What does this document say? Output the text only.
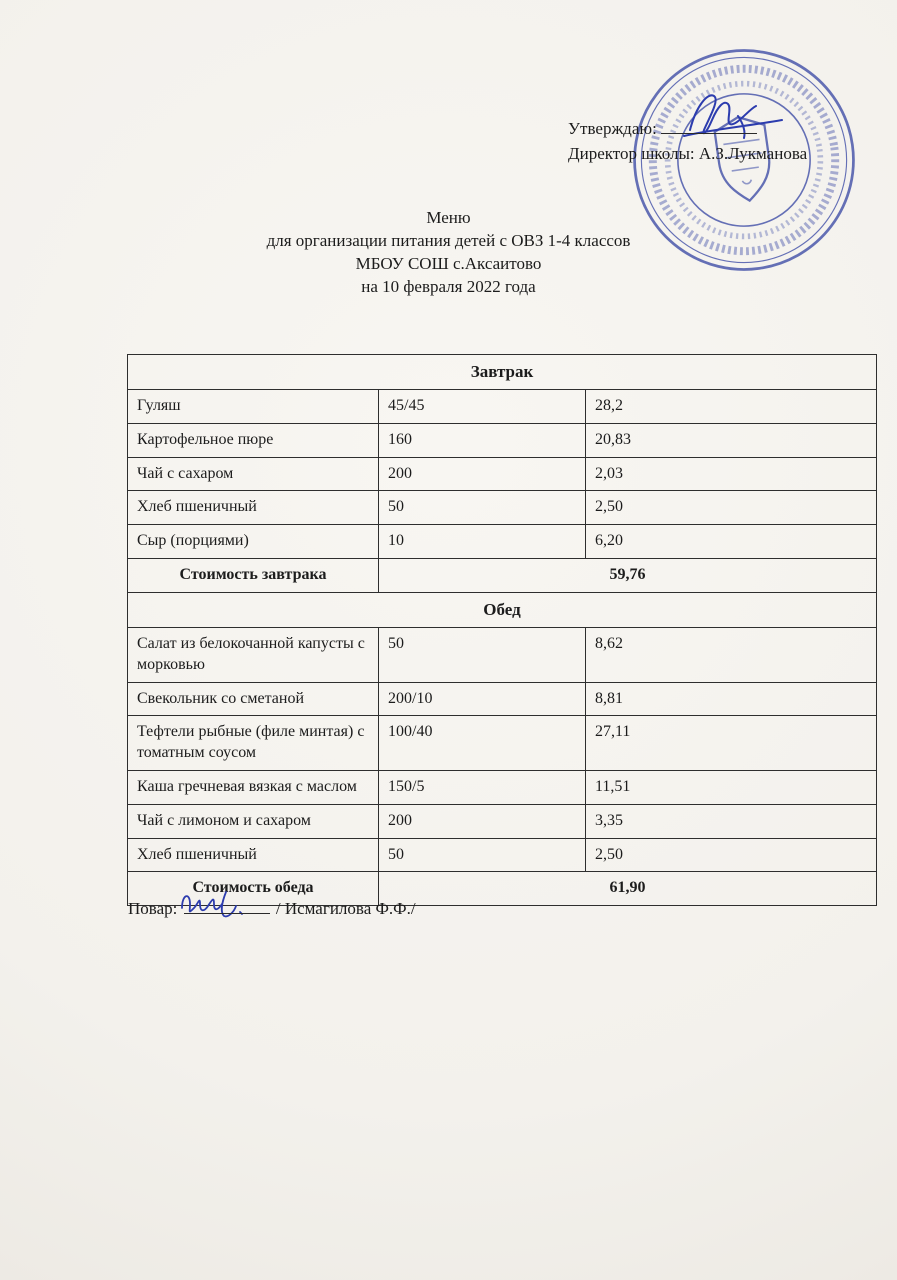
Утверждаю:
Директор школы: А.З.Лукманова
Меню
для организации питания детей с ОВЗ 1-4 классов
МБОУ СОШ с.Аксаитово
на 10 февраля 2022 года
Завтрак		
Гуляш	45/45	28,2
Картофельное пюре	160	20,83
Чай с сахаром	200	2,03
Хлеб пшеничный	50	2,50
Сыр (порциями)	10	6,20
Стоимость завтрака	59,76	
Обед		
Салат из белокочанной капусты с морковью	50	8,62
Свекольник со сметаной	200/10	8,81
Тефтели рыбные (филе минтая) с томатным соусом	100/40	27,11
Каша гречневая вязкая с маслом	150/5	11,51
Чай с лимоном и сахаром	200	3,35
Хлеб пшеничный	50	2,50
Стоимость обеда	61,90	
Повар:	/ Исмагилова Ф.Ф./
